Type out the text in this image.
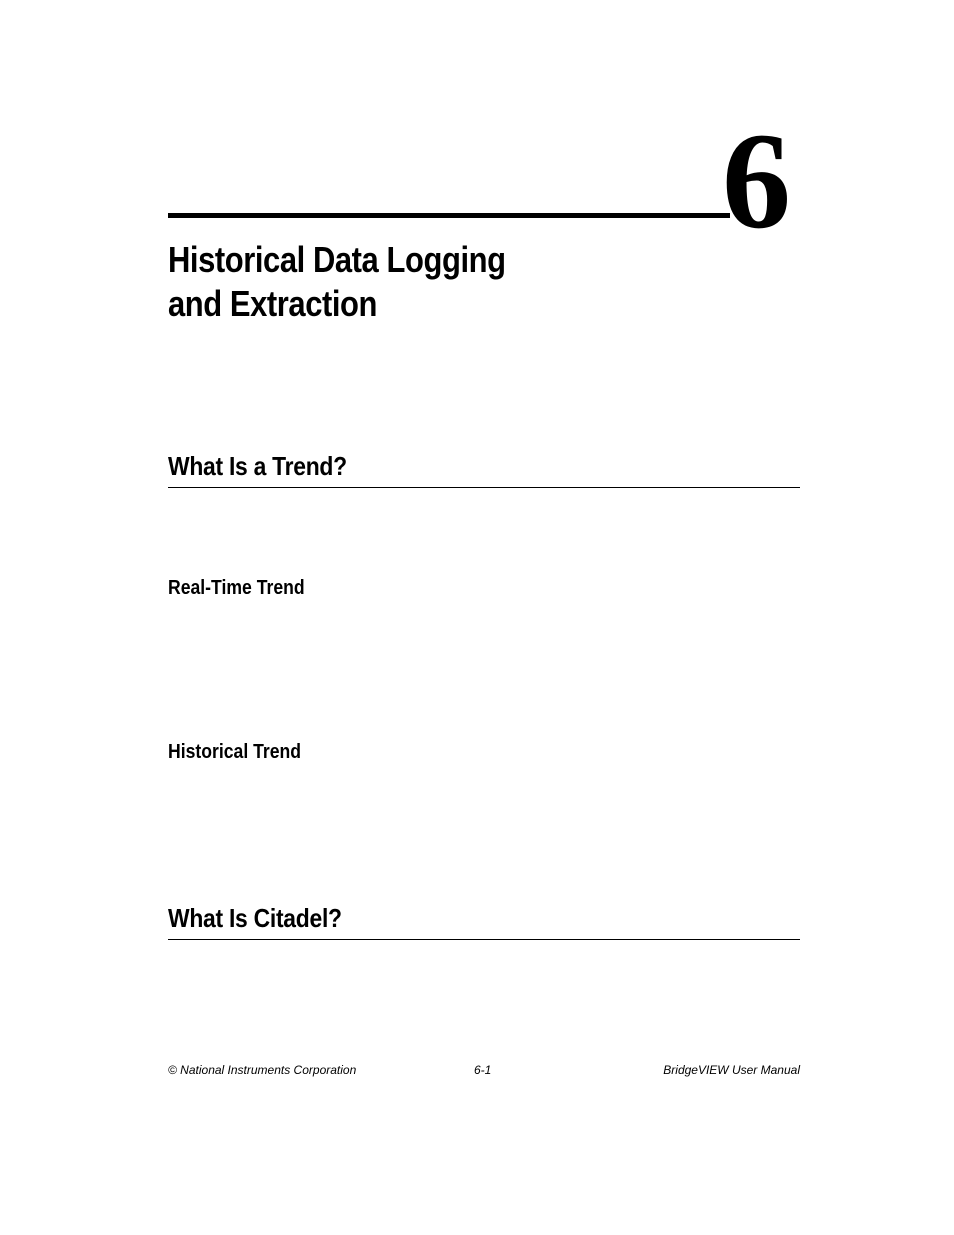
6
Historical Data Logging
and Extraction
What Is a Trend?
Real-Time Trend
Historical Trend
What Is Citadel?
© National Instruments Corporation	6-1	BridgeVIEW User Manual
